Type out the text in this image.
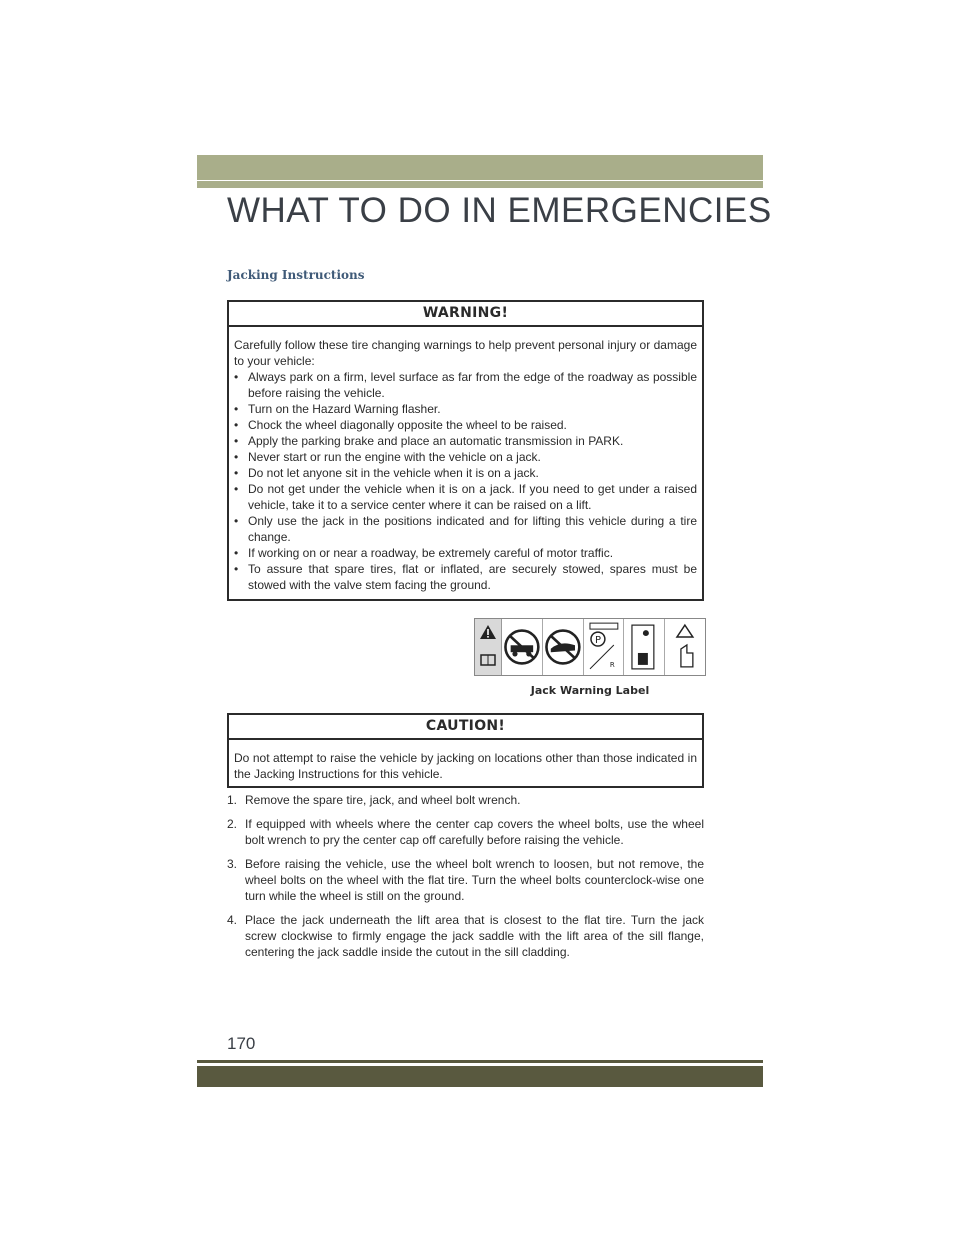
WHAT TO DO IN EMERGENCIES
Jacking Instructions
WARNING!

Carefully follow these tire changing warnings to help prevent personal injury or damage to your vehicle:

• Always park on a firm, level surface as far from the edge of the roadway as possible before raising the vehicle.
• Turn on the Hazard Warning flasher.
• Chock the wheel diagonally opposite the wheel to be raised.
• Apply the parking brake and place an automatic transmission in PARK.
• Never start or run the engine with the vehicle on a jack.
• Do not let anyone sit in the vehicle when it is on a jack.
• Do not get under the vehicle when it is on a jack. If you need to get under a raised vehicle, take it to a service center where it can be raised on a lift.
• Only use the jack in the positions indicated and for lifting this vehicle during a tire change.
• If working on or near a roadway, be extremely careful of motor traffic.
• To assure that spare tires, flat or inflated, are securely stowed, spares must be stowed with the valve stem facing the ground.
P
R
Jack Warning Label
CAUTION!

Do not attempt to raise the vehicle by jacking on locations other than those indicated in the Jacking Instructions for this vehicle.

1. Remove the spare tire, jack, and wheel bolt wrench.
2. If equipped with wheels where the center cap covers the wheel bolts, use the wheel bolt wrench to pry the center cap off carefully before raising the vehicle.
3. Before raising the vehicle, use the wheel bolt wrench to loosen, but not remove, the wheel bolts on the wheel with the flat tire. Turn the wheel bolts counterclock-wise one turn while the wheel is still on the ground.
4. Place the jack underneath the lift area that is closest to the flat tire. Turn the jack screw clockwise to firmly engage the jack saddle with the lift area of the sill flange, centering the jack saddle inside the cutout in the sill cladding.
170
